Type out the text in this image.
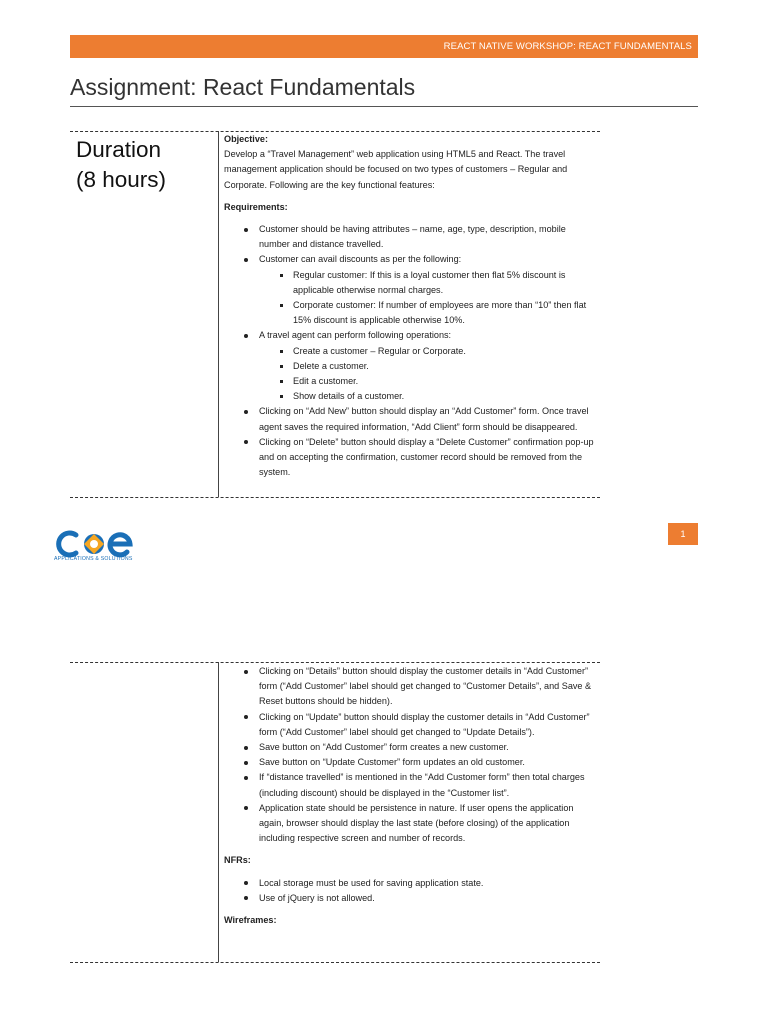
REACT NATIVE WORKSHOP: REACT FUNDAMENTALS
Assignment: React Fundamentals
Duration
(8 hours)

Objective:

Develop a “Travel Management” web application using HTML5 and React. The travel management application should be focused on two types of customers – Regular and Corporate. Following are the key functional features:

Requirements:

Customer should be having attributes – name, age, type, description, mobile number and distance travelled.
Customer can avail discounts as per the following:
Regular customer: If this is a loyal customer then flat 5% discount is applicable otherwise normal charges.
Corporate customer: If number of employees are more than “10” then flat 15% discount is applicable otherwise 10%.
A travel agent can perform following operations:
Create a customer – Regular or Corporate.
Delete a customer.
Edit a customer.
Show details of a customer.
Clicking on “Add New” button should display an “Add Customer” form. Once travel agent saves the required information, “Add Client” form should be disappeared.
Clicking on “Delete” button should display a “Delete Customer” confirmation pop-up and on accepting the confirmation, customer record should be removed from the system.
APPLICATIONS & SOLUTIONS
1
Clicking on “Details” button should display the customer details in “Add Customer” form (“Add Customer” label should get changed to “Customer Details”, and Save & Reset buttons should be hidden).
Clicking on “Update” button should display the customer details in “Add Customer” form (“Add Customer” label should get changed to “Update Details”).
Save button on “Add Customer” form creates a new customer.
Save button on “Update Customer” form updates an old customer.
If “distance travelled” is mentioned in the “Add Customer form” then total charges (including discount) should be displayed in the “Customer list”.
Application state should be persistence in nature. If user opens the application again, browser should display the last state (before closing) of the application including respective screen and number of records.

NFRs:

Local storage must be used for saving application state.
Use of jQuery is not allowed.

Wireframes:
